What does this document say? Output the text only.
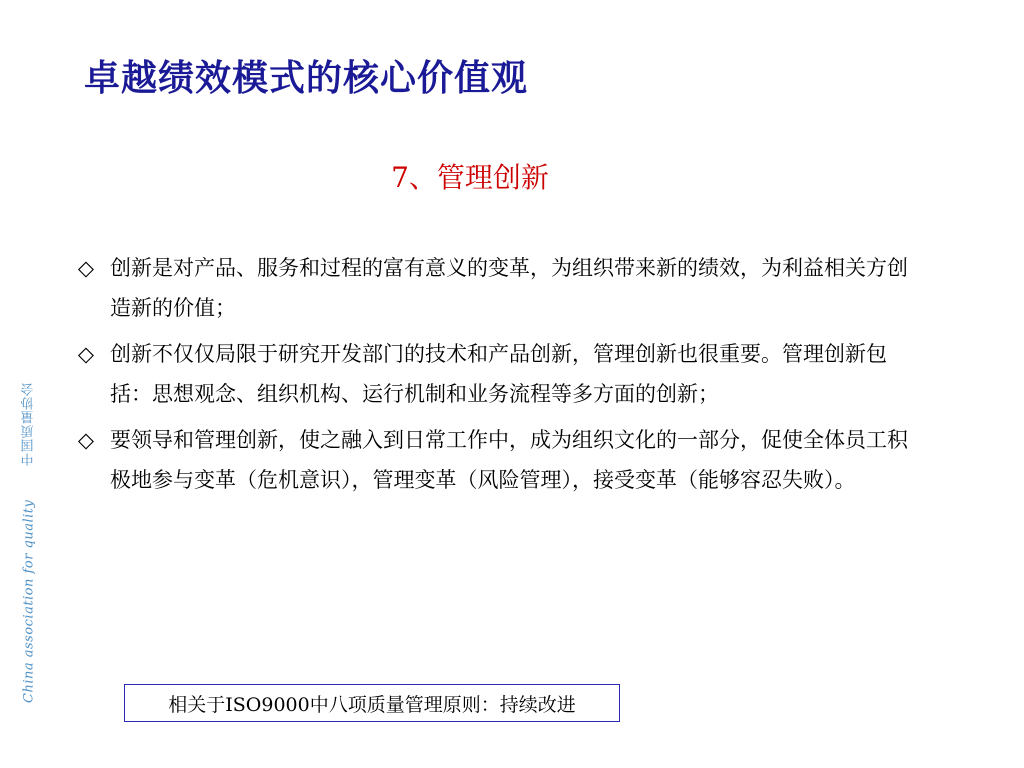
卓越绩效模式的核心价值观
7、管理创新
◇ 创新是对产品、服务和过程的富有意义的变革，为组织带来新的绩效，为利益相关方创造新的价值；
◇ 创新不仅仅局限于研究开发部门的技术和产品创新，管理创新也很重要。管理创新包括：思想观念、组织机构、运行机制和业务流程等多方面的创新；
◇ 要领导和管理创新，使之融入到日常工作中，成为组织文化的一部分，促使全体员工积极地参与变革（危机意识），管理变革（风险管理），接受变革（能够容忍失败）。
China association for quality
中国质量协会
相关于ISO9000中八项质量管理原则：持续改进
